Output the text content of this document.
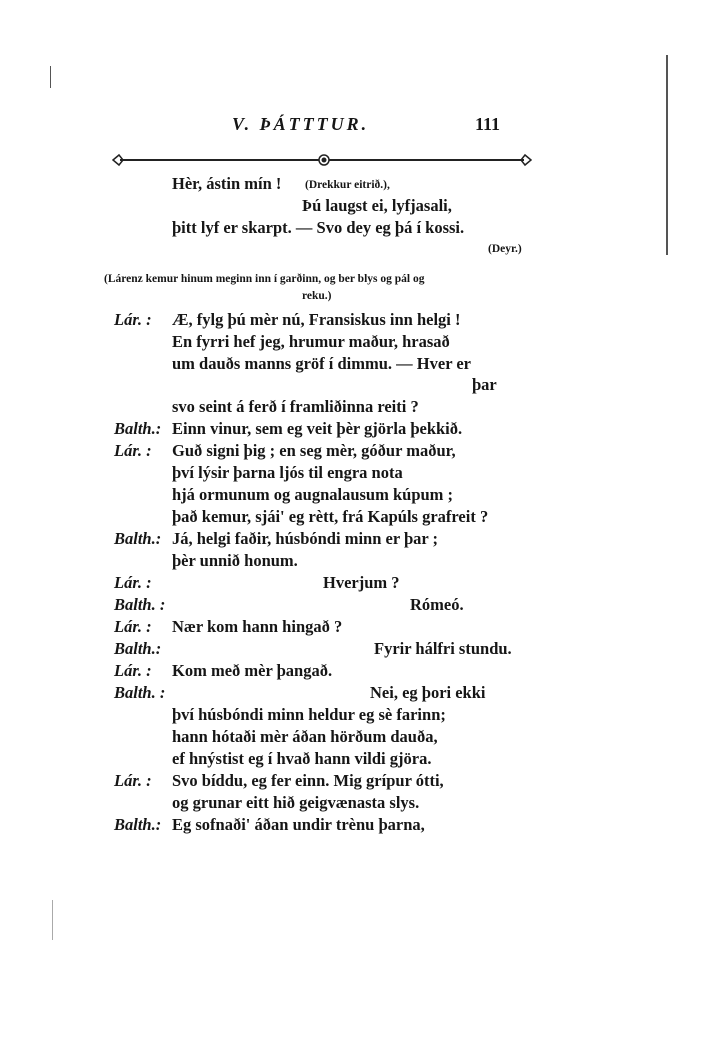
V. ÞÁTTTUR.	111
Hèr, ástin mín ! (Drekkur eitrið.),
Þú laugst ei, lyfjasali,
þitt lyf er skarpt. — Svo dey eg þá í kossi.
(Deyr.)
(Lárenz kemur hinum meginn inn í garðinn, og ber blys og pál og
reku.)
Lár. : Æ, fylg þú mèr nú, Fransiskus inn helgi !
En fyrri hef jeg, hrumur maður, hrasað
um dauðs manns gröf í dimmu. — Hver er
þar
svo seint á ferð í framliðinna reiti ?
Balth.: Einn vinur, sem eg veit þèr gjörla þekkið.
Lár. : Guð signi þig ; en seg mèr, góður maður,
því lýsir þarna ljós til engra nota
hjá ormunum og augnalausum kúpum ;
það kemur, sjái' eg rètt, frá Kapúls grafreit ?
Balth.: Já, helgi faðir, húsbóndi minn er þar ;
þèr unnið honum.
Lár. :	Hverjum ?
Balth. :	Rómeó.
Lár. : Nær kom hann hingað ?
Balth.:	Fyrir hálfri stundu.
Lár. : Kom með mèr þangað.
Balth. :	Nei, eg þori ekki
því húsbóndi minn heldur eg sè farinn;
hann hótaði mèr áðan hörðum dauða,
ef hnýstist eg í hvað hann vildi gjöra.
Lár. : Svo bíddu, eg fer einn. Mig grípur ótti,
og grunar eitt hið geigvænasta slys.
Balth.: Eg sofnaði' áðan undir trènu þarna,
